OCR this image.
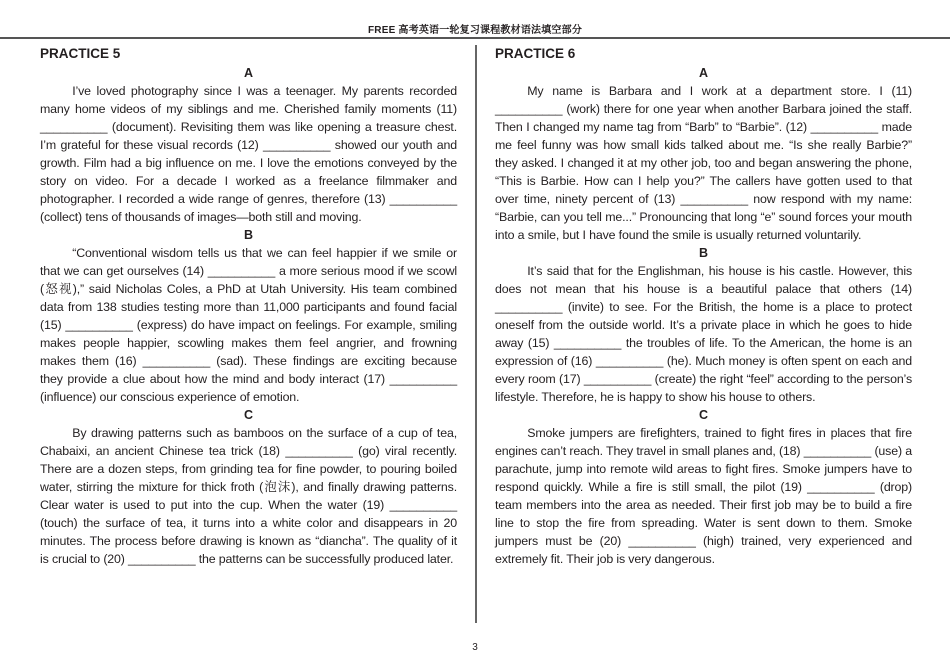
FREE 高考英语一轮复习课程教材语法填空部分
PRACTICE 5
A

I’ve loved photography since I was a teenager. My parents recorded many home videos of my siblings and me. Cherished family moments (11) __________ (document). Revisiting them was like opening a treasure chest. I’m grateful for these visual records (12) __________ showed our youth and growth. Film had a big influence on me. I love the emotions conveyed by the story on video. For a decade I worked as a freelance filmmaker and photographer. I recorded a wide range of genres, therefore (13) __________ (collect) tens of thousands of images—both still and moving.

B

“Conventional wisdom tells us that we can feel happier if we smile or that we can get ourselves (14) __________ a more serious mood if we scowl (怒视),” said Nicholas Coles, a PhD at Utah University. His team combined data from 138 studies testing more than 11,000 participants and found facial (15) __________ (express) do have impact on feelings. For example, smiling makes people happier, scowling makes them feel angrier, and frowning makes them (16) __________ (sad). These findings are exciting because they provide a clue about how the mind and body interact (17) __________ (influence) our conscious experience of emotion.

C

By drawing patterns such as bamboos on the surface of a cup of tea, Chabaixi, an ancient Chinese tea trick (18) __________ (go) viral recently. There are a dozen steps, from grinding tea for fine powder, to pouring boiled water, stirring the mixture for thick froth (泡沫), and finally drawing patterns. Clear water is used to put into the cup. When the water (19) __________ (touch) the surface of tea, it turns into a white color and disappears in 20 minutes. The process before drawing is known as “diancha”. The quality of it is crucial to (20) __________ the patterns can be successfully produced later.

PRACTICE 6
A

My name is Barbara and I work at a department store. I (11) __________ (work) there for one year when another Barbara joined the staff. Then I changed my name tag from “Barb” to “Barbie”. (12) __________ made me feel funny was how small kids talked about me. “Is she really Barbie?” they asked. I changed it at my other job, too and began answering the phone, “This is Barbie. How can I help you?” The callers have gotten used to that over time, ninety percent of (13) __________ now respond with my name: “Barbie, can you tell me...” Pronouncing that long “e” sound forces your mouth into a smile, but I have found the smile is usually returned voluntarily.

B

It’s said that for the Englishman, his house is his castle. However, this does not mean that his house is a beautiful palace that others (14) __________ (invite) to see. For the British, the home is a place to protect oneself from the outside world. It’s a private place in which he goes to hide away (15) __________ the troubles of life. To the American, the home is an expression of (16) __________ (he). Much money is often spent on each and every room (17) __________ (create) the right “feel” according to the person’s lifestyle. Therefore, he is happy to show his house to others.

C

Smoke jumpers are firefighters, trained to fight fires in places that fire engines can’t reach. They travel in small planes and, (18) __________ (use) a parachute, jump into remote wild areas to fight fires. Smoke jumpers have to respond quickly. While a fire is still small, the pilot (19) __________ (drop) team members into the area as needed. Their first job may be to build a fire line to stop the fire from spreading. Water is sent down to them. Smoke jumpers must be (20) __________ (high) trained, very experienced and extremely fit. Their job is very dangerous.

3
